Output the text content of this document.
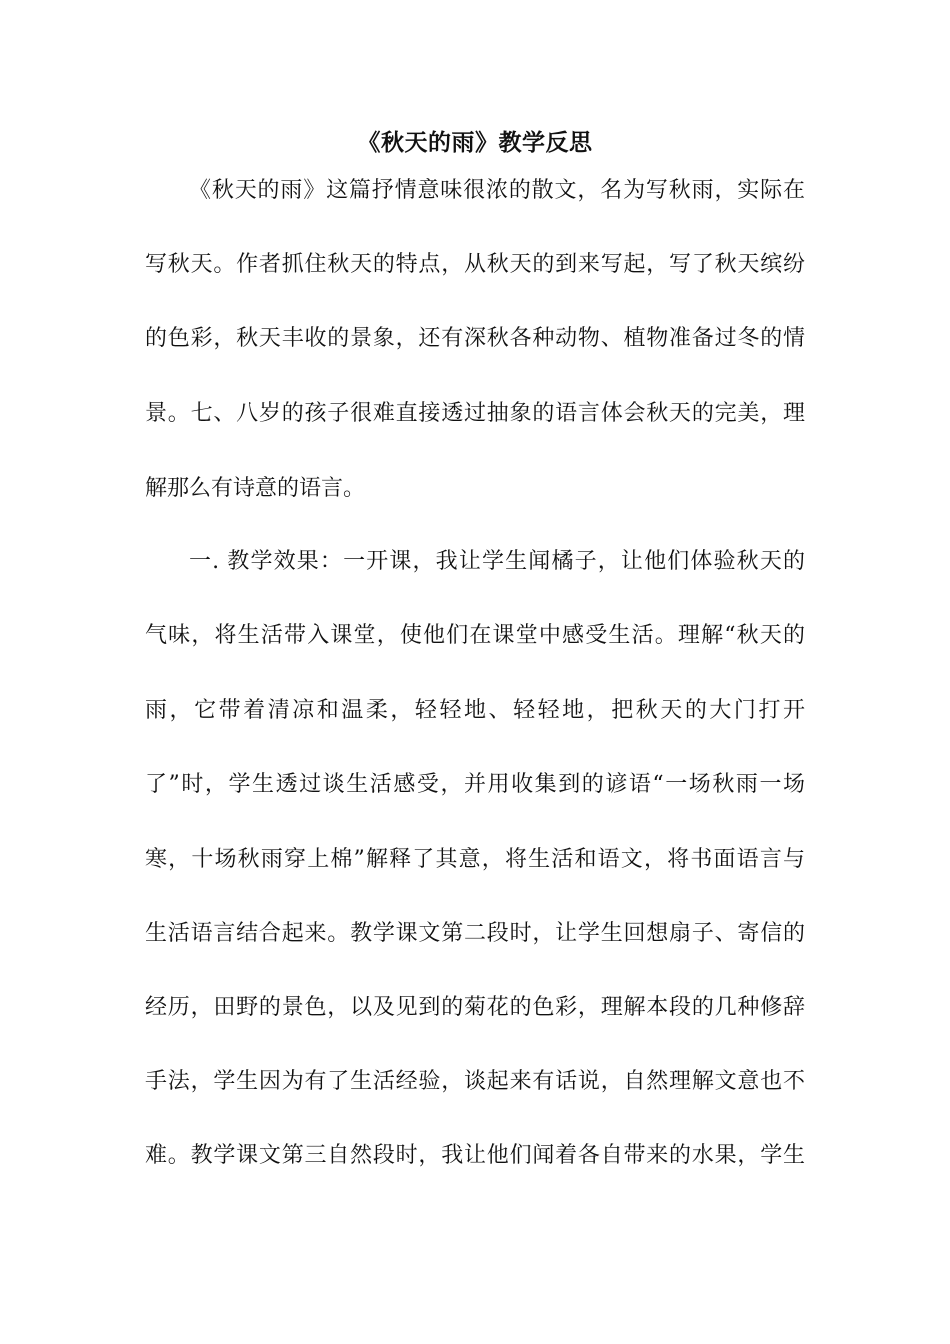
《秋天的雨》教学反思
《秋天的雨》这篇抒情意味很浓的散文，名为写秋雨，实际在
写秋天。作者抓住秋天的特点，从秋天的到来写起，写了秋天缤纷
的色彩，秋天丰收的景象，还有深秋各种动物、植物准备过冬的情
景。七、八岁的孩子很难直接透过抽象的语言体会秋天的完美，理
解那么有诗意的语言。
一. 教学效果：一开课，我让学生闻橘子，让他们体验秋天的
气味，将生活带入课堂，使他们在课堂中感受生活。理解“秋天的
雨，它带着清凉和温柔，轻轻地、轻轻地，把秋天的大门打开
了”时，学生透过谈生活感受，并用收集到的谚语“一场秋雨一场
寒，十场秋雨穿上棉”解释了其意，将生活和语文，将书面语言与
生活语言结合起来。教学课文第二段时，让学生回想扇子、寄信的
经历，田野的景色，以及见到的菊花的色彩，理解本段的几种修辞
手法，学生因为有了生活经验，谈起来有话说，自然理解文意也不
难。教学课文第三自然段时，我让他们闻着各自带来的水果，学生
